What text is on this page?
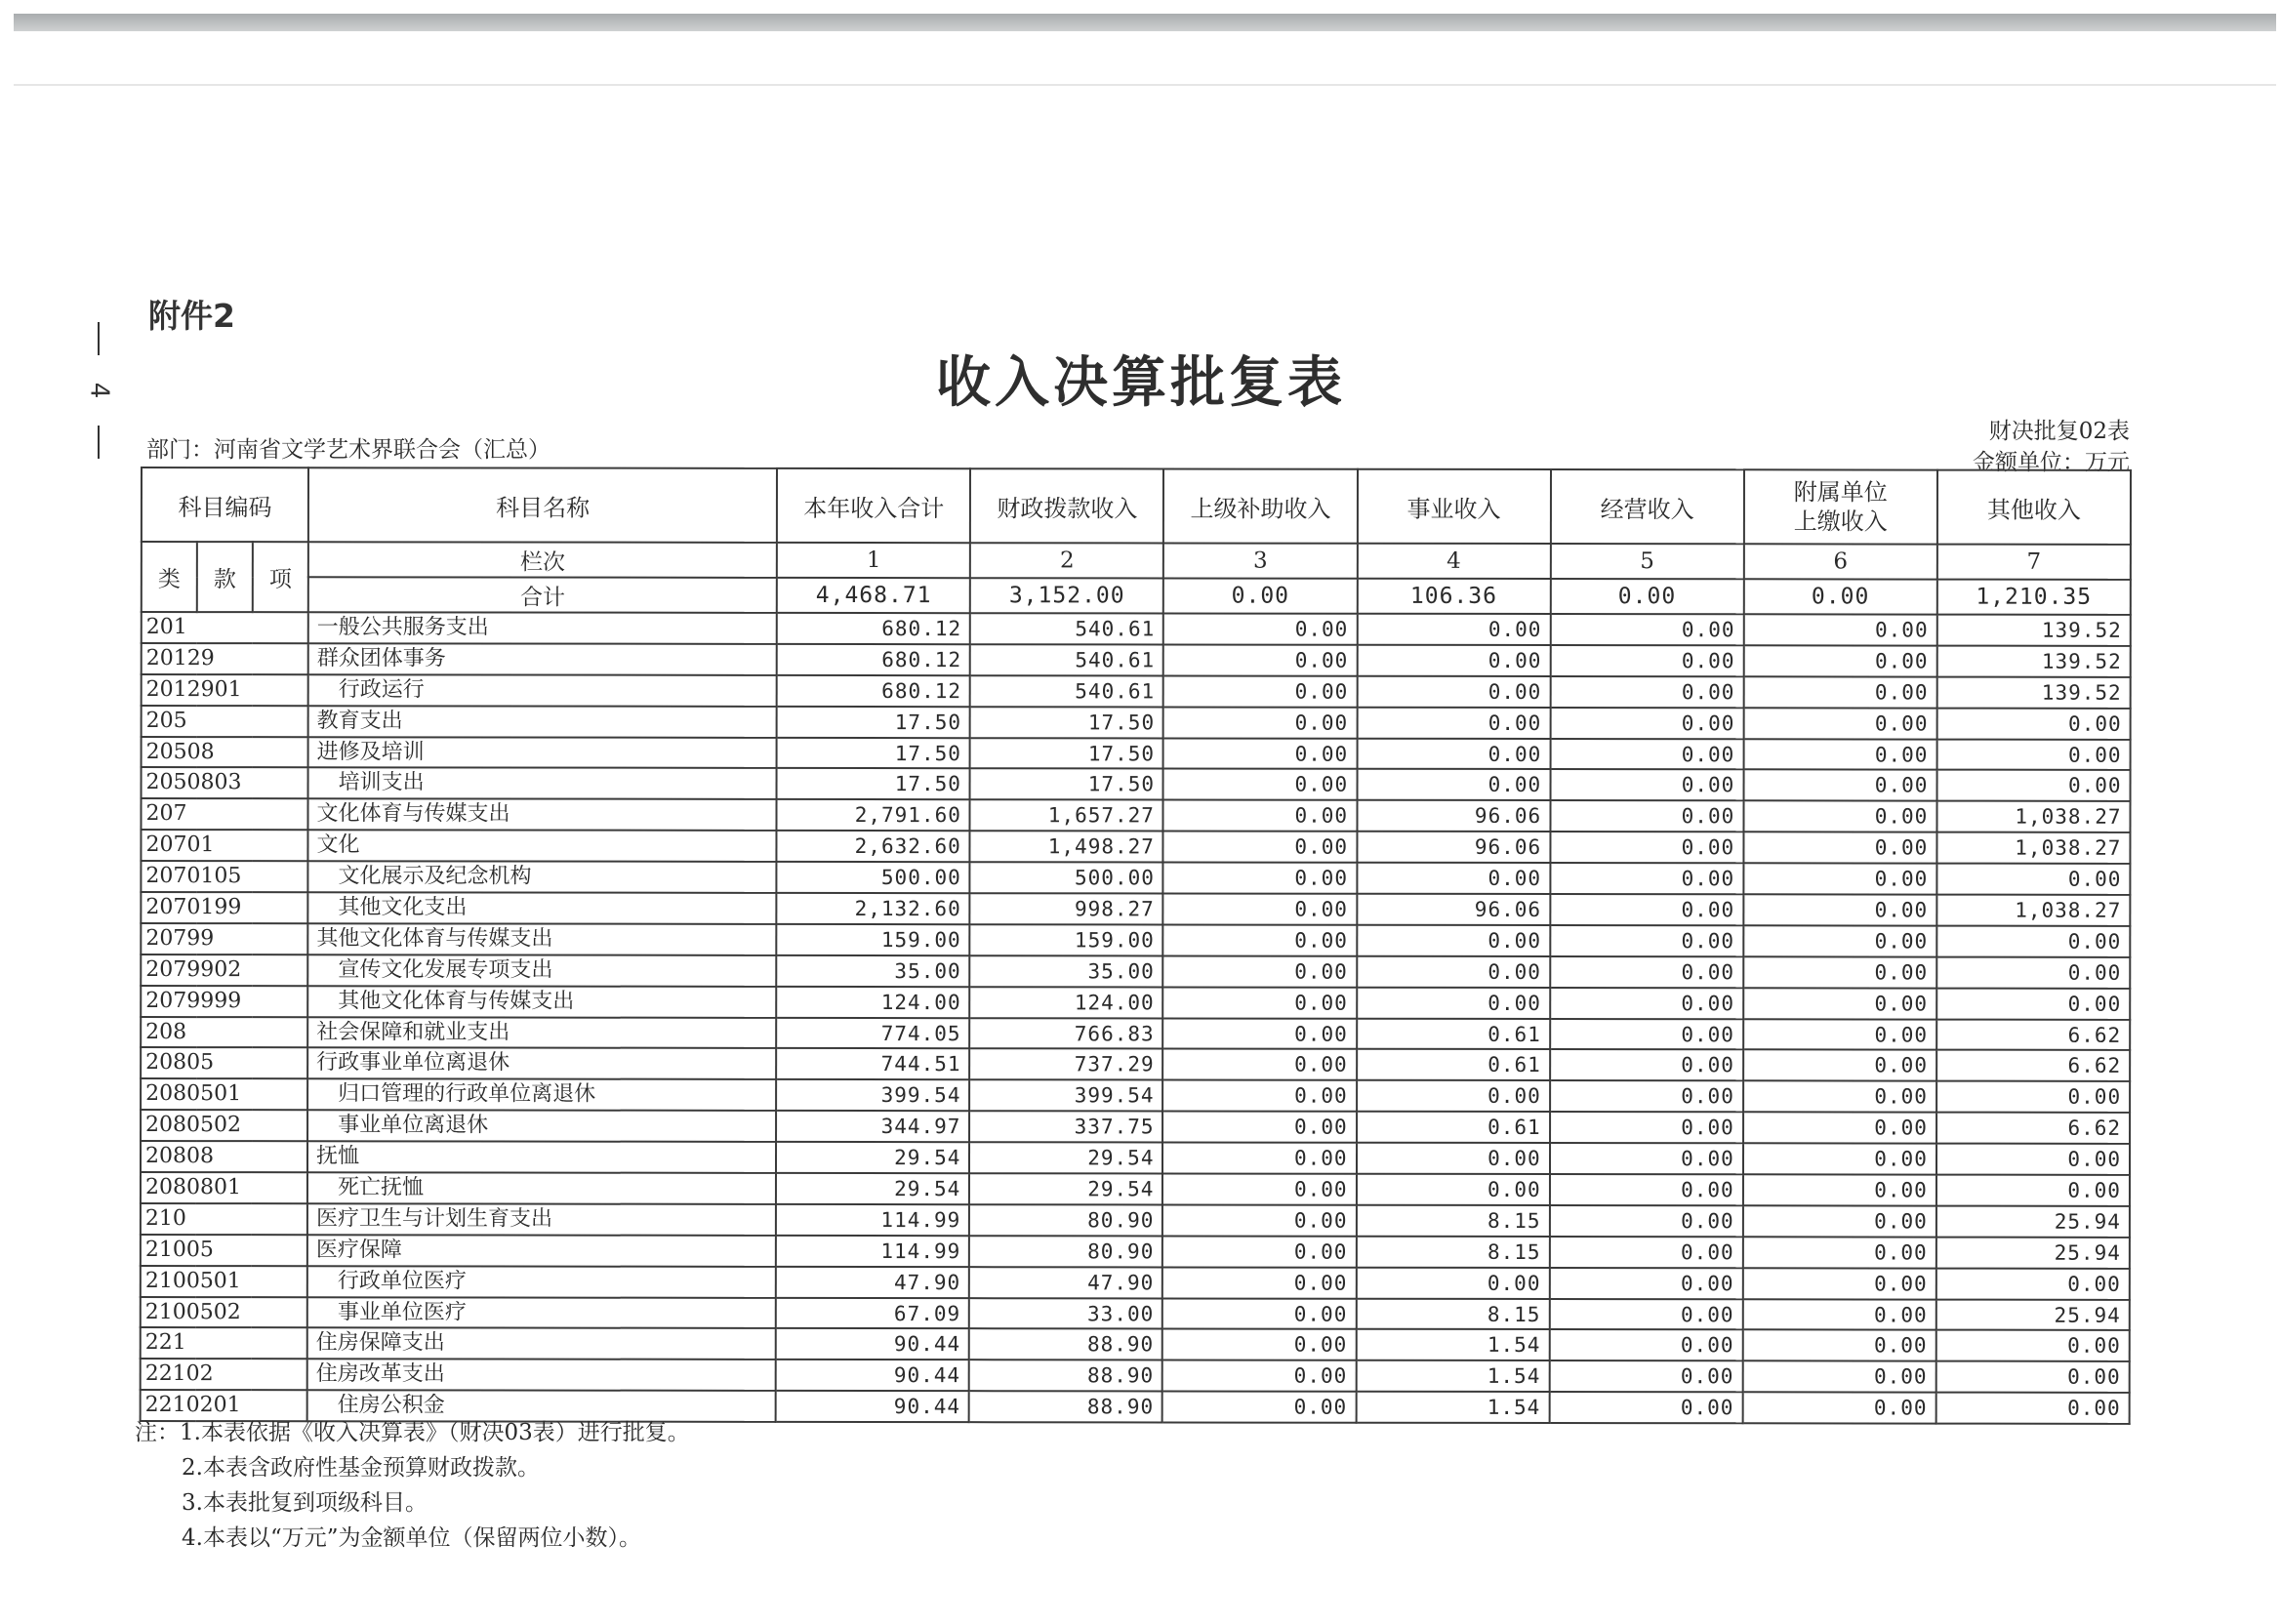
4
附件2
收入决算批复表
部门：河南省文学艺术界联合会（汇总）
财决批复02表
金额单位：万元
科目编码			科目名称	本年收入合计	财政拨款收入	上级补助收入	事业收入	经营收入	附属单位上缴收入	其他收入
类	款	项	栏次	1	2	3	4	5	6	7
			合计	4,468.71	3,152.00	0.00	106.36	0.00	0.00	1,210.35
201			一般公共服务支出	680.12	540.61	0.00	0.00	0.00	0.00	139.52
20129			群众团体事务	680.12	540.61	0.00	0.00	0.00	0.00	139.52
2012901			行政运行	680.12	540.61	0.00	0.00	0.00	0.00	139.52
205			教育支出	17.50	17.50	0.00	0.00	0.00	0.00	0.00
20508			进修及培训	17.50	17.50	0.00	0.00	0.00	0.00	0.00
2050803			培训支出	17.50	17.50	0.00	0.00	0.00	0.00	0.00
207			文化体育与传媒支出	2,791.60	1,657.27	0.00	96.06	0.00	0.00	1,038.27
20701			文化	2,632.60	1,498.27	0.00	96.06	0.00	0.00	1,038.27
2070105			文化展示及纪念机构	500.00	500.00	0.00	0.00	0.00	0.00	0.00
2070199			其他文化支出	2,132.60	998.27	0.00	96.06	0.00	0.00	1,038.27
20799			其他文化体育与传媒支出	159.00	159.00	0.00	0.00	0.00	0.00	0.00
2079902			宣传文化发展专项支出	35.00	35.00	0.00	0.00	0.00	0.00	0.00
2079999			其他文化体育与传媒支出	124.00	124.00	0.00	0.00	0.00	0.00	0.00
208			社会保障和就业支出	774.05	766.83	0.00	0.61	0.00	0.00	6.62
20805			行政事业单位离退休	744.51	737.29	0.00	0.61	0.00	0.00	6.62
2080501			归口管理的行政单位离退休	399.54	399.54	0.00	0.00	0.00	0.00	0.00
2080502			事业单位离退休	344.97	337.75	0.00	0.61	0.00	0.00	6.62
20808			抚恤	29.54	29.54	0.00	0.00	0.00	0.00	0.00
2080801			死亡抚恤	29.54	29.54	0.00	0.00	0.00	0.00	0.00
210			医疗卫生与计划生育支出	114.99	80.90	0.00	8.15	0.00	0.00	25.94
21005			医疗保障	114.99	80.90	0.00	8.15	0.00	0.00	25.94
2100501			行政单位医疗	47.90	47.90	0.00	0.00	0.00	0.00	0.00
2100502			事业单位医疗	67.09	33.00	0.00	8.15	0.00	0.00	25.94
221			住房保障支出	90.44	88.90	0.00	1.54	0.00	0.00	0.00
22102			住房改革支出	90.44	88.90	0.00	1.54	0.00	0.00	0.00
2210201			住房公积金	90.44	88.90	0.00	1.54	0.00	0.00	0.00
注：1.本表依据《收入决算表》（财决03表）进行批复。
2.本表含政府性基金预算财政拨款。
3.本表批复到项级科目。
4.本表以“万元”为金额单位（保留两位小数）。
